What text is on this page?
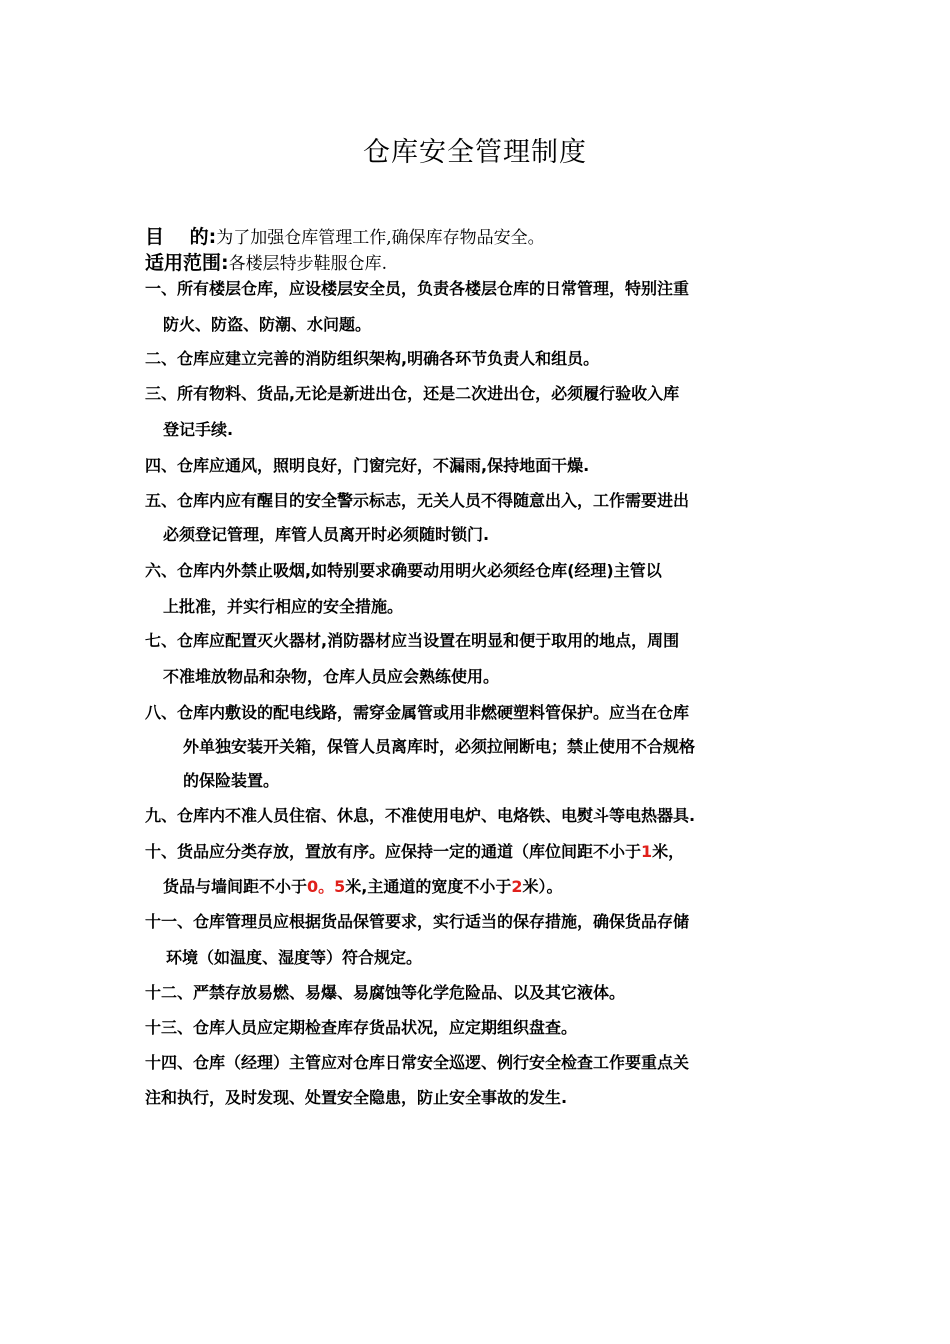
仓库安全管理制度
目　 的:为了加强仓库管理工作,确保库存物品安全。
适用范围:各楼层特步鞋服仓库.
一、所有楼层仓库，应设楼层安全员，负责各楼层仓库的日常管理，特别注重
防火、防盗、防潮、水问题。
二、仓库应建立完善的消防组织架构,明确各环节负责人和组员。
三、所有物料、货品,无论是新进出仓，还是二次进出仓，必须履行验收入库
登记手续.
四、仓库应通风，照明良好，门窗完好，不漏雨,保持地面干燥.
五、仓库内应有醒目的安全警示标志，无关人员不得随意出入，工作需要进出
必须登记管理，库管人员离开时必须随时锁门.
六、仓库内外禁止吸烟,如特别要求确要动用明火必须经仓库(经理)主管以
上批准，并实行相应的安全措施。
七、仓库应配置灭火器材,消防器材应当设置在明显和便于取用的地点，周围
不准堆放物品和杂物，仓库人员应会熟练使用。
八、仓库内敷设的配电线路，需穿金属管或用非燃硬塑料管保护。应当在仓库
外单独安装开关箱，保管人员离库时，必须拉闸断电；禁止使用不合规格
的保险装置。
九、仓库内不准人员住宿、休息，不准使用电炉、电烙铁、电熨斗等电热器具.
十、货品应分类存放，置放有序。应保持一定的通道（库位间距不小于1米，
货品与墙间距不小于0。5米,主通道的宽度不小于2米）。
十一、仓库管理员应根据货品保管要求，实行适当的保存措施，确保货品存储
环境（如温度、湿度等）符合规定。
十二、严禁存放易燃、易爆、易腐蚀等化学危险品、以及其它液体。
十三、仓库人员应定期检查库存货品状况，应定期组织盘查。
十四、仓库（经理）主管应对仓库日常安全巡逻、例行安全检查工作要重点关
注和执行，及时发现、处置安全隐患，防止安全事故的发生.
